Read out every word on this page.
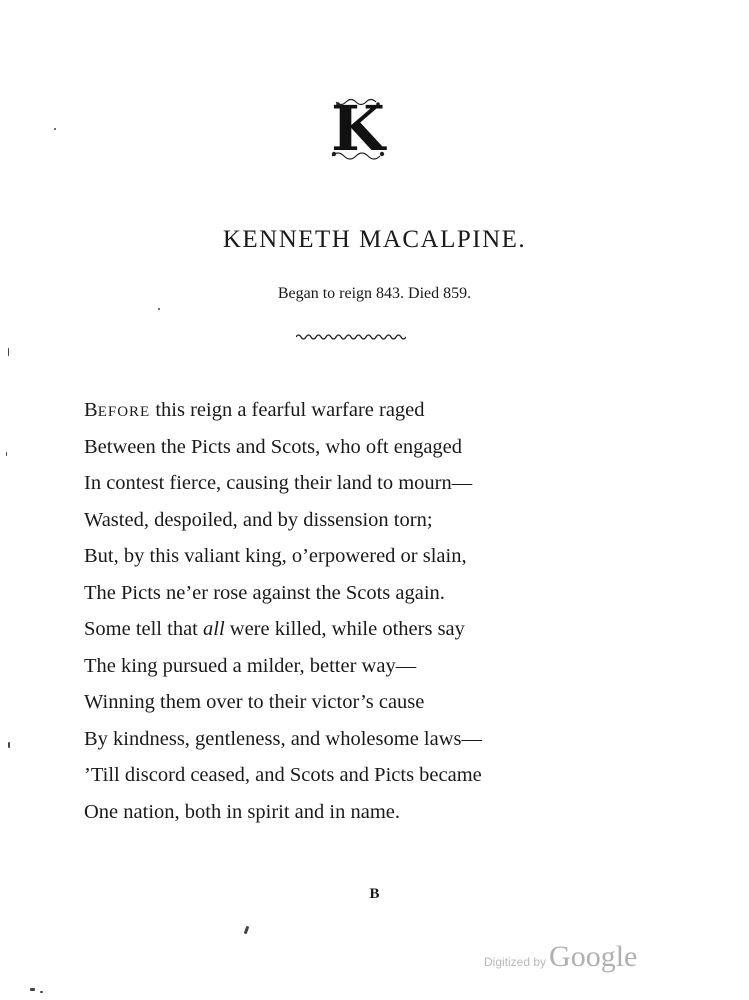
K
KENNETH MACALPINE.
Began to reign 843. Died 859.
BEFORE this reign a fearful warfare raged
Between the Picts and Scots, who oft engaged
In contest fierce, causing their land to mourn—
Wasted, despoiled, and by dissension torn;
But, by this valiant king, o’erpowered or slain,
The Picts ne’er rose against the Scots again.
Some tell that all were killed, while others say
The king pursued a milder, better way—
Winning them over to their victor’s cause
By kindness, gentleness, and wholesome laws—
’Till discord ceased, and Scots and Picts became
One nation, both in spirit and in name.
B
Digitized by Google
